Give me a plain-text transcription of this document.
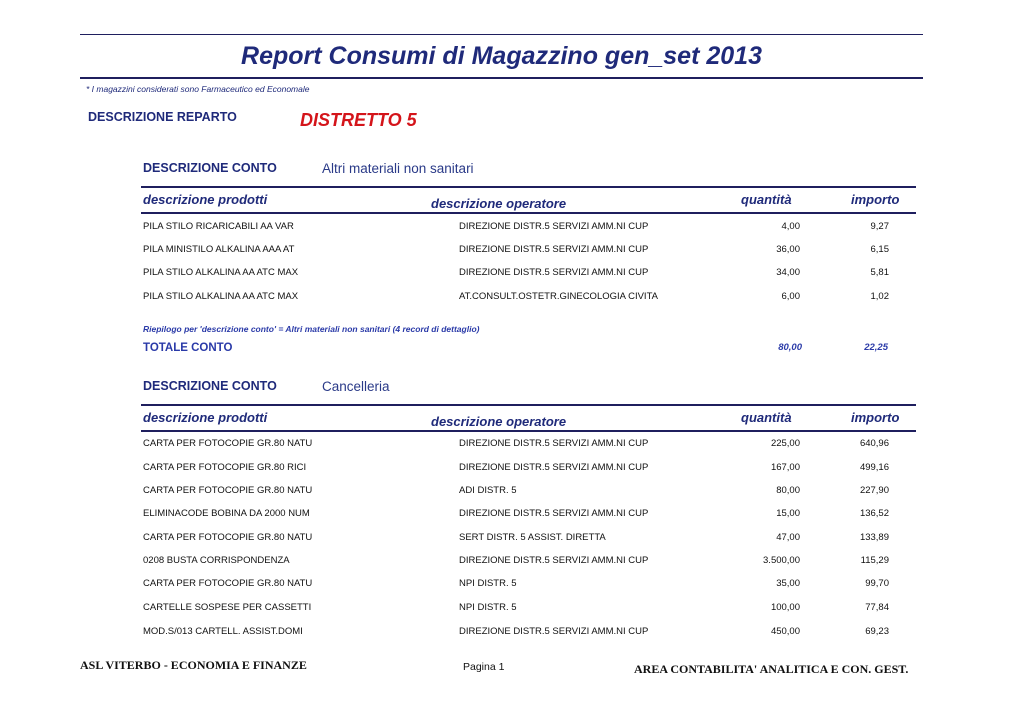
Report Consumi di Magazzino gen_set 2013
* I magazzini considerati sono Farmaceutico ed Economale
DESCRIZIONE REPARTO	DISTRETTO 5
DESCRIZIONE CONTO	Altri materiali non sanitari
descrizione prodotti	descrizione operatore	quantità	importo
PILA STILO RICARICABILI AA VAR	DIREZIONE DISTR.5 SERVIZI AMM.NI CUP	4,00	9,27
PILA MINISTILO ALKALINA AAA AT	DIREZIONE DISTR.5 SERVIZI AMM.NI CUP	36,00	6,15
PILA STILO ALKALINA AA ATC MAX	DIREZIONE DISTR.5 SERVIZI AMM.NI CUP	34,00	5,81
PILA STILO ALKALINA AA ATC MAX	AT.CONSULT.OSTETR.GINECOLOGIA CIVITA	6,00	1,02
Riepilogo per 'descrizione conto' = Altri materiali non sanitari (4 record di dettaglio)
TOTALE CONTO	80,00	22,25
DESCRIZIONE CONTO	Cancelleria
descrizione prodotti	descrizione operatore	quantità	importo
CARTA PER FOTOCOPIE GR.80 NATU	DIREZIONE DISTR.5 SERVIZI AMM.NI CUP	225,00	640,96
CARTA PER FOTOCOPIE GR.80 RICI	DIREZIONE DISTR.5 SERVIZI AMM.NI CUP	167,00	499,16
CARTA PER FOTOCOPIE GR.80 NATU	ADI DISTR. 5	80,00	227,90
ELIMINACODE BOBINA DA 2000 NUM	DIREZIONE DISTR.5 SERVIZI AMM.NI CUP	15,00	136,52
CARTA PER FOTOCOPIE GR.80 NATU	SERT DISTR. 5 ASSIST. DIRETTA	47,00	133,89
0208 BUSTA CORRISPONDENZA	DIREZIONE DISTR.5 SERVIZI AMM.NI CUP	3.500,00	115,29
CARTA PER FOTOCOPIE GR.80 NATU	NPI DISTR. 5	35,00	99,70
CARTELLE SOSPESE PER CASSETTI	NPI DISTR. 5	100,00	77,84
MOD.S/013 CARTELL. ASSIST.DOMI	DIREZIONE DISTR.5 SERVIZI AMM.NI CUP	450,00	69,23
ASL VITERBO - ECONOMIA E FINANZE	Pagina 1	AREA CONTABILITA' ANALITICA E CON. GEST.
